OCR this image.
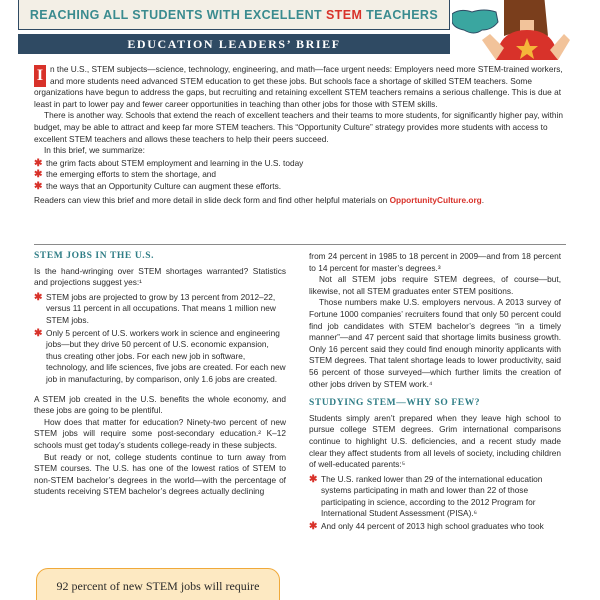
REACHING ALL STUDENTS WITH EXCELLENT STEM TEACHERS
EDUCATION LEADERS’ BRIEF
I n the U.S., STEM subjects—science, technology, engineering, and math—face urgent needs: Employers need more STEM-trained workers, and more students need advanced STEM education to get these jobs. But schools face a shortage of skilled STEM teachers. Some organizations have begun to address the gaps, but recruiting and retaining excellent STEM teachers remains a serious challenge. This is due at least in part to lower pay and fewer career opportunities in teaching than other jobs for those with STEM skills.

There is another way. Schools that extend the reach of excellent teachers and their teams to more students, for significantly higher pay, within budget, may be able to attract and keep far more STEM teachers. This “Opportunity Culture” strategy provides more students with access to excellent STEM teachers and allows these teachers to help their peers succeed.

In this brief, we summarize:

✱ the grim facts about STEM employment and learning in the U.S. today
✱ the emerging efforts to stem the shortage, and
✱ the ways that an Opportunity Culture can augment these efforts.

Readers can view this brief and more detail in slide deck form and find other helpful materials on OpportunityCulture.org.

STEM JOBS IN THE U.S.

Is the hand-wringing over STEM shortages warranted? Statistics and projections suggest yes:¹

✱ STEM jobs are projected to grow by 13 percent from 2012–22, versus 11 percent in all occupations. That means 1 million new STEM jobs.
✱ Only 5 percent of U.S. workers work in science and engineering jobs—but they drive 50 percent of U.S. economic expansion, thus creating other jobs. For each new job in software, technology, and life sciences, five jobs are created. For each new job in manufacturing, by comparison, only 1.6 jobs are created.

A STEM job created in the U.S. benefits the whole economy, and these jobs are going to be plentiful.

How does that matter for education? Ninety-two percent of new STEM jobs will require some post-secondary education.² K–12 schools must get today’s students college-ready in these subjects.

But ready or not, college students continue to turn away from STEM courses. The U.S. has one of the lowest ratios of STEM to non-STEM bachelor’s degrees in the world—with the percentage of students receiving STEM bachelor’s degrees actually declining

92 percent of new STEM jobs will require

from 24 percent in 1985 to 18 percent in 2009—and from 18 percent to 14 percent for master’s degrees.³

Not all STEM jobs require STEM degrees, of course—but, likewise, not all STEM graduates enter STEM positions.

Those numbers make U.S. employers nervous. A 2013 survey of Fortune 1000 companies’ recruiters found that only 50 percent could find job candidates with STEM bachelor’s degrees “in a timely manner”—and 47 percent said that shortage limits business growth. Only 16 percent said they could find enough minority applicants with STEM degrees. That talent shortage leads to lower productivity, said 56 percent of those surveyed—which further limits the creation of other jobs driven by STEM work.⁴

STUDYING STEM—WHY SO FEW?

Students simply aren’t prepared when they leave high school to pursue college STEM degrees. Grim international comparisons continue to highlight U.S. deficiencies, and a recent study made clear they affect students from all levels of society, including children of well-educated parents:⁵

✱ The U.S. ranked lower than 29 of the international education systems participating in math and lower than 22 of those participating in science, according to the 2012 Program for International Student Assessment (PISA).⁶
✱ And only 44 percent of 2013 high school graduates who took
